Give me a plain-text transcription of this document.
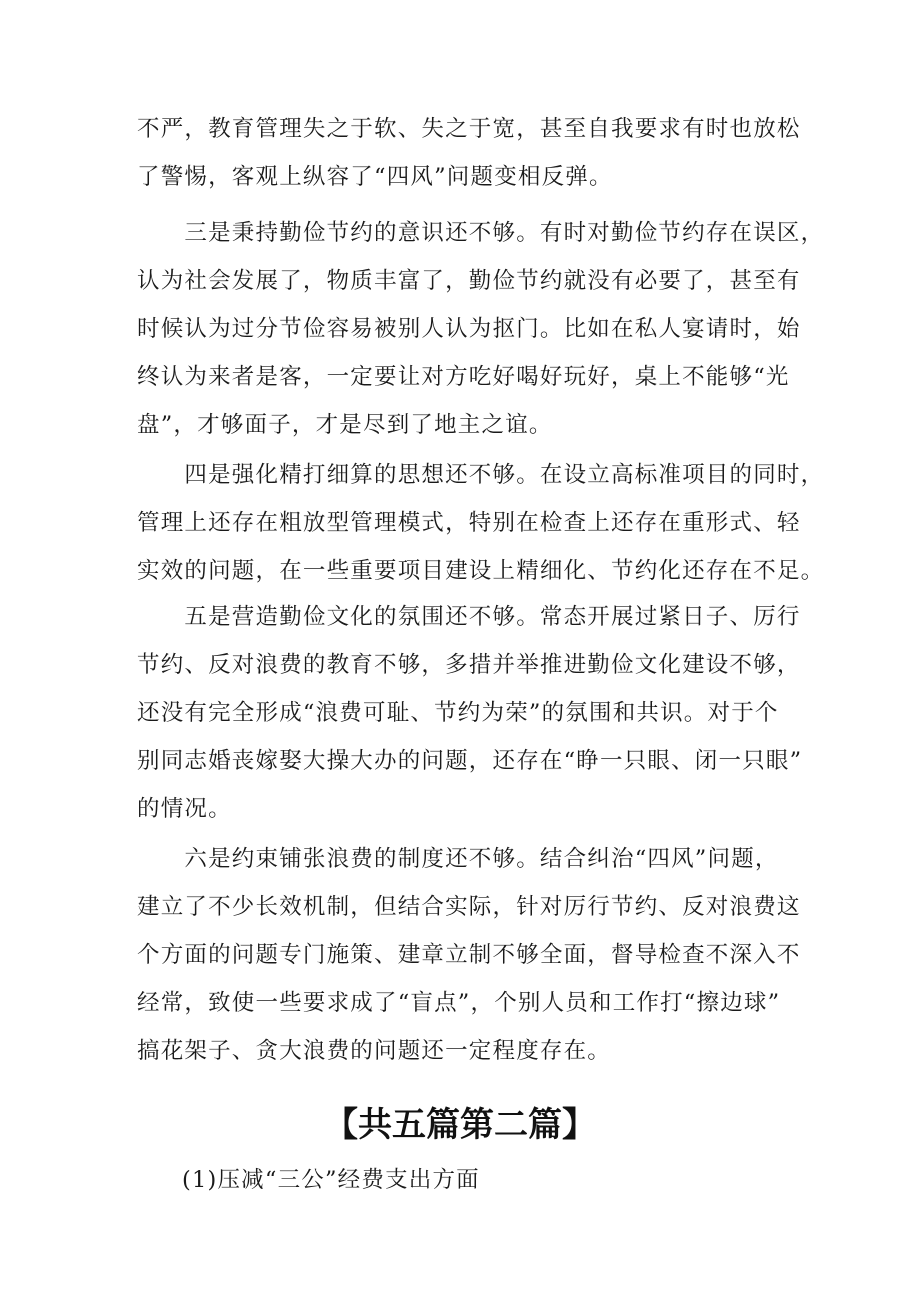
不严，教育管理失之于软、失之于宽，甚至自我要求有时也放松
了警惕，客观上纵容了“四风”问题变相反弹。
　　三是秉持勤俭节约的意识还不够。有时对勤俭节约存在误区，
认为社会发展了，物质丰富了，勤俭节约就没有必要了，甚至有
时候认为过分节俭容易被别人认为抠门。比如在私人宴请时，始
终认为来者是客，一定要让对方吃好喝好玩好，桌上不能够“光
盘”，才够面子，才是尽到了地主之谊。
　　四是强化精打细算的思想还不够。在设立高标准项目的同时，
管理上还存在粗放型管理模式，特别在检查上还存在重形式、轻
实效的问题，在一些重要项目建设上精细化、节约化还存在不足。
　　五是营造勤俭文化的氛围还不够。常态开展过紧日子、厉行
节约、反对浪费的教育不够，多措并举推进勤俭文化建设不够，
还没有完全形成“浪费可耻、节约为荣”的氛围和共识。对于个
别同志婚丧嫁娶大操大办的问题，还存在“睁一只眼、闭一只眼”
的情况。
　　六是约束铺张浪费的制度还不够。结合纠治“四风”问题，
建立了不少长效机制，但结合实际，针对厉行节约、反对浪费这
个方面的问题专门施策、建章立制不够全面，督导检查不深入不
经常，致使一些要求成了“盲点”，个别人员和工作打“擦边球”
搞花架子、贪大浪费的问题还一定程度存在。
【共五篇第二篇】

(1)压减“三公”经费支出方面
